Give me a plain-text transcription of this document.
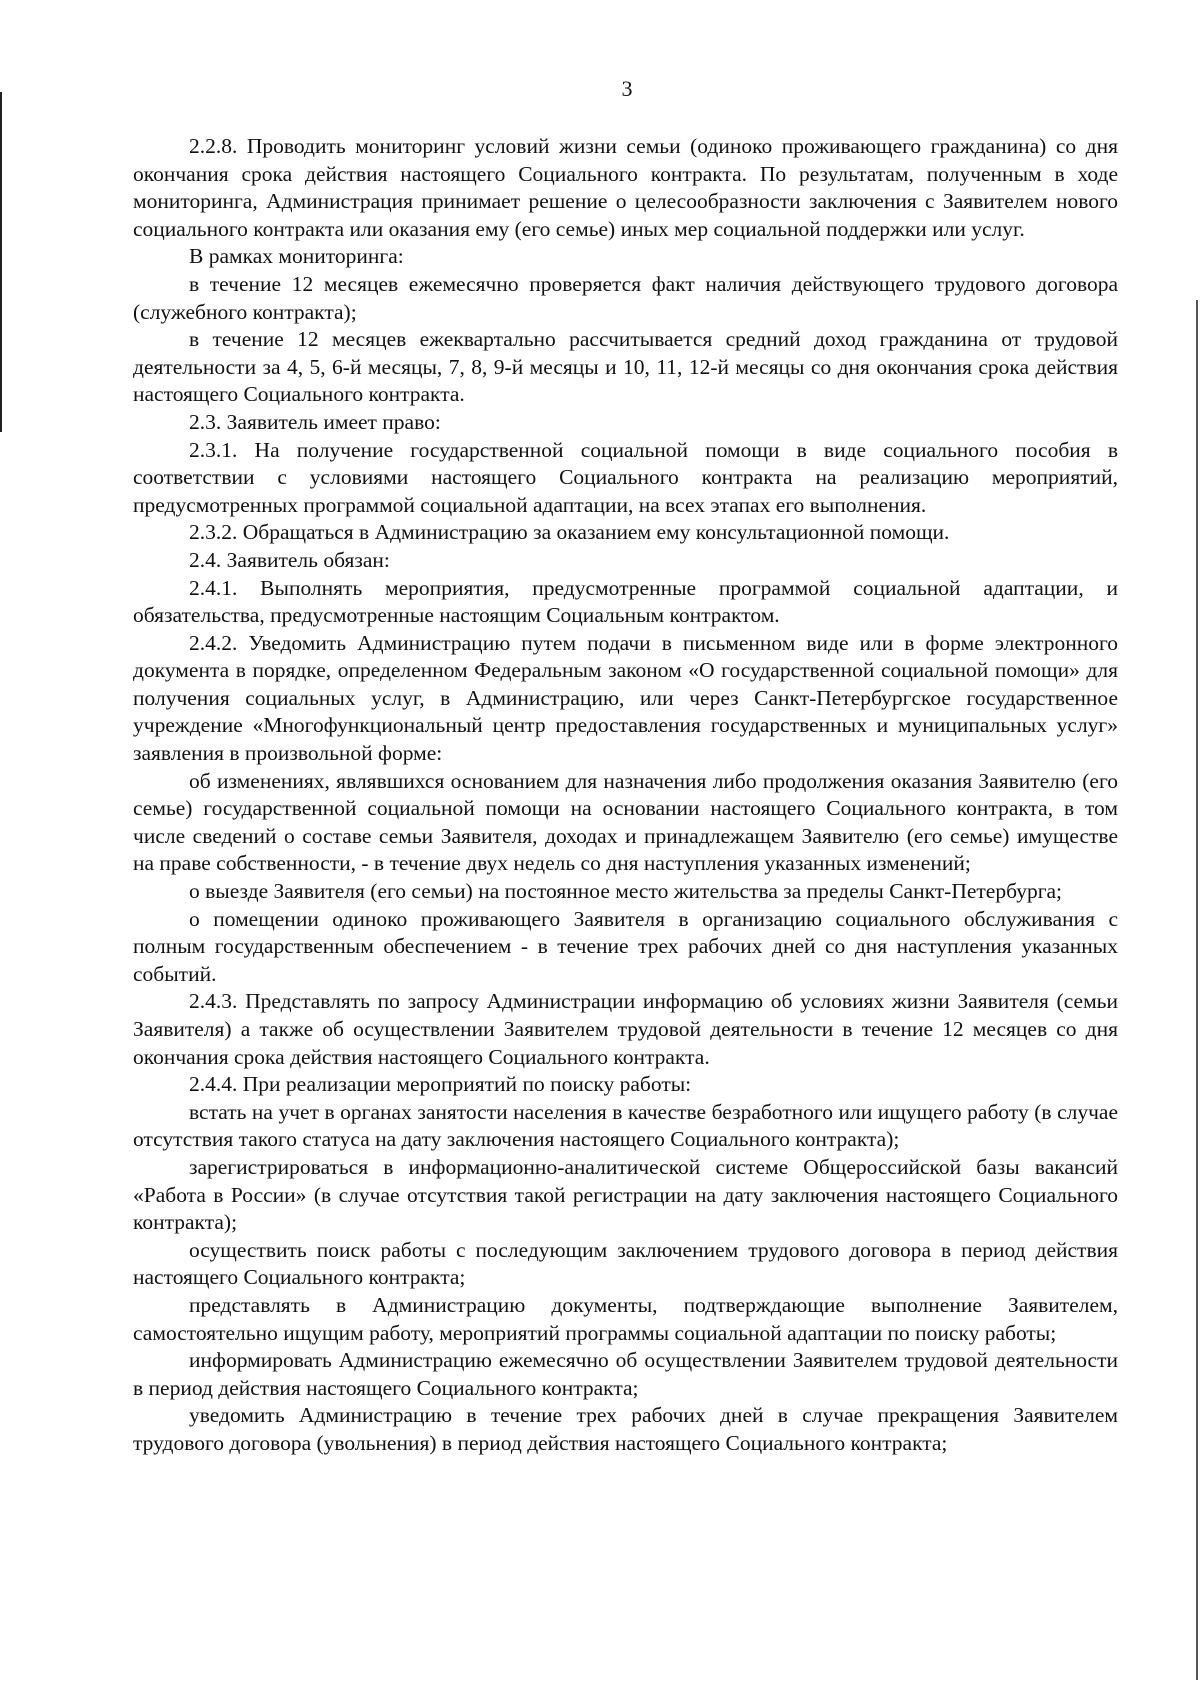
3

2.2.8. Проводить мониторинг условий жизни семьи (одиноко проживающего гражданина) со дня окончания срока действия настоящего Социального контракта. По результатам, полученным в ходе мониторинга, Администрация принимает решение о целесообразности заключения с Заявителем нового социального контракта или оказания ему (его семье) иных мер социальной поддержки или услуг.

В рамках мониторинга:

в течение 12 месяцев ежемесячно проверяется факт наличия действующего трудового договора (служебного контракта);

в течение 12 месяцев ежеквартально рассчитывается средний доход гражданина от трудовой деятельности за 4, 5, 6-й месяцы, 7, 8, 9-й месяцы и 10, 11, 12-й месяцы со дня окончания срока действия настоящего Социального контракта.

2.3. Заявитель имеет право:

2.3.1. На получение государственной социальной помощи в виде социального пособия в соответствии с условиями настоящего Социального контракта на реализацию мероприятий, предусмотренных программой социальной адаптации, на всех этапах его выполнения.

2.3.2. Обращаться в Администрацию за оказанием ему консультационной помощи.

2.4. Заявитель обязан:

2.4.1. Выполнять мероприятия, предусмотренные программой социальной адаптации, и обязательства, предусмотренные настоящим Социальным контрактом.

2.4.2. Уведомить Администрацию путем подачи в письменном виде или в форме электронного документа в порядке, определенном Федеральным законом «О государственной социальной помощи» для получения социальных услуг, в Администрацию, или через Санкт-Петербургское государственное учреждение «Многофункциональный центр предоставления государственных и муниципальных услуг» заявления в произвольной форме:

об изменениях, являвшихся основанием для назначения либо продолжения оказания Заявителю (его семье) государственной социальной помощи на основании настоящего Социального контракта, в том числе сведений о составе семьи Заявителя, доходах и принадлежащем Заявителю (его семье) имуществе на праве собственности, - в течение двух недель со дня наступления указанных изменений;

о выезде Заявителя (его семьи) на постоянное место жительства за пределы Санкт-Петербурга;

о помещении одиноко проживающего Заявителя в организацию социального обслуживания с полным государственным обеспечением - в течение трех рабочих дней со дня наступления указанных событий.

2.4.3. Представлять по запросу Администрации информацию об условиях жизни Заявителя (семьи Заявителя) а также об осуществлении Заявителем трудовой деятельности в течение 12 месяцев со дня окончания срока действия настоящего Социального контракта.

2.4.4. При реализации мероприятий по поиску работы:

встать на учет в органах занятости населения в качестве безработного или ищущего работу (в случае отсутствия такого статуса на дату заключения настоящего Социального контракта);

зарегистрироваться в информационно-аналитической системе Общероссийской базы вакансий «Работа в России» (в случае отсутствия такой регистрации на дату заключения настоящего Социального контракта);

осуществить поиск работы с последующим заключением трудового договора в период действия настоящего Социального контракта;

представлять в Администрацию документы, подтверждающие выполнение Заявителем, самостоятельно ищущим работу, мероприятий программы социальной адаптации по поиску работы;

информировать Администрацию ежемесячно об осуществлении Заявителем трудовой деятельности в период действия настоящего Социального контракта;

уведомить Администрацию в течение трех рабочих дней в случае прекращения Заявителем трудового договора (увольнения) в период действия настоящего Социального контракта;
